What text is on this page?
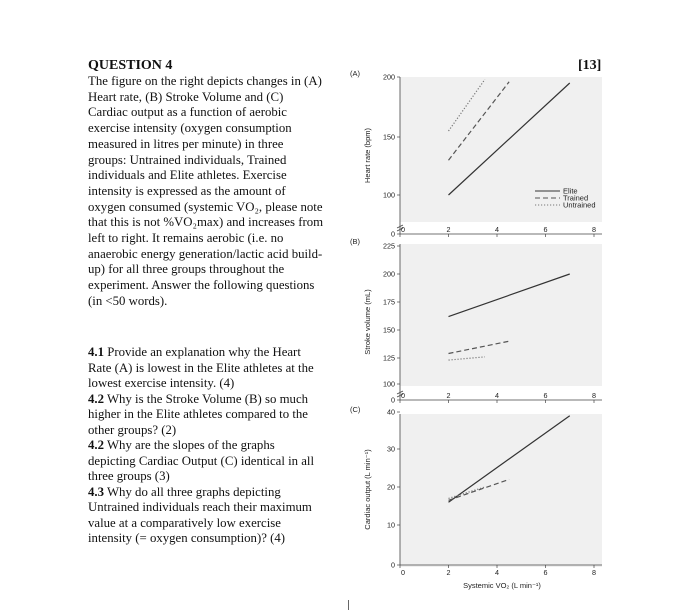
QUESTION 4	[13]

The figure on the right depicts changes in (A) Heart rate, (B) Stroke Volume and (C) Cardiac output as a function of aerobic exercise intensity (oxygen consumption measured in litres per minute) in three groups: Untrained individuals, Trained individuals and Elite athletes. Exercise intensity is expressed as the amount of oxygen consumed (systemic VO₂, please note that this is not %VO₂max) and increases from left to right. It remains aerobic (i.e. no anaerobic energy generation/lactic acid build-up) for all three groups throughout the experiment. Answer the following questions (in <50 words).

4.1 Provide an explanation why the Heart Rate (A) is lowest in the Elite athletes at the lowest exercise intensity. (4)
4.2 Why is the Stroke Volume (B) so much higher in the Elite athletes compared to the other groups? (2)
4.2 Why are the slopes of the graphs depicting Cardiac Output (C) identical in all three groups (3)
4.3 Why do all three graphs depicting Untrained individuals reach their maximum value at a comparatively low exercise intensity (= oxygen consumption)? (4)
(A)
0
100
150
200
0	2	4	6	8
Heart rate (bpm)
Elite
Trained
Untrained
(B)
0
100
125
150
175
200
225
0	2	4	6	8
Stroke volume (mL)
(C)
0
10
20
30
40
0	2	4	6	8
Cardiac output (L min⁻¹)
Systemic VO₂ (L min⁻¹)
